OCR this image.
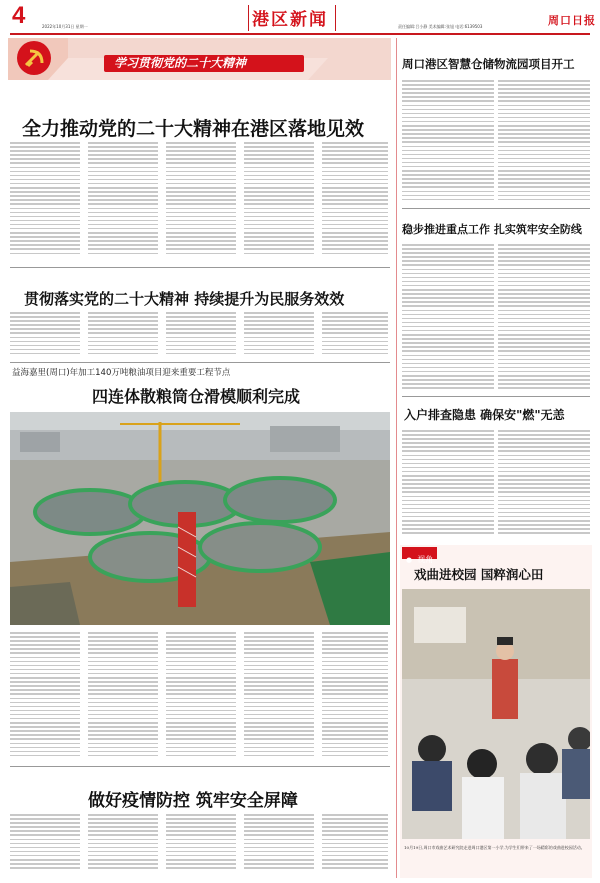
4	2022年10月31日 星期一	港区新闻	责任编辑:吕小静 美术编辑:张旭 电话:6139503	周口日报
学习贯彻党的二十大精神
全力推动党的二十大精神在港区落地见效
贯彻落实党的二十大精神 持续提升为民服务效效
益海嘉里(周口)年加工140万吨粮油项目迎来重要工程节点
四连体散粮筒仓滑模顺利完成
做好疫情防控 筑牢安全屏障
周口港区智慧仓储物流园项目开工
稳步推进重点工作 扎实筑牢安全防线
入户排查隐患 确保安"燃"无恙
● 视角
戏曲进校园 国粹润心田
10月19日,周口市戏曲艺术研究院走进周口港区第一小学,为学生们带来了一场精彩的戏曲进校园活动。
